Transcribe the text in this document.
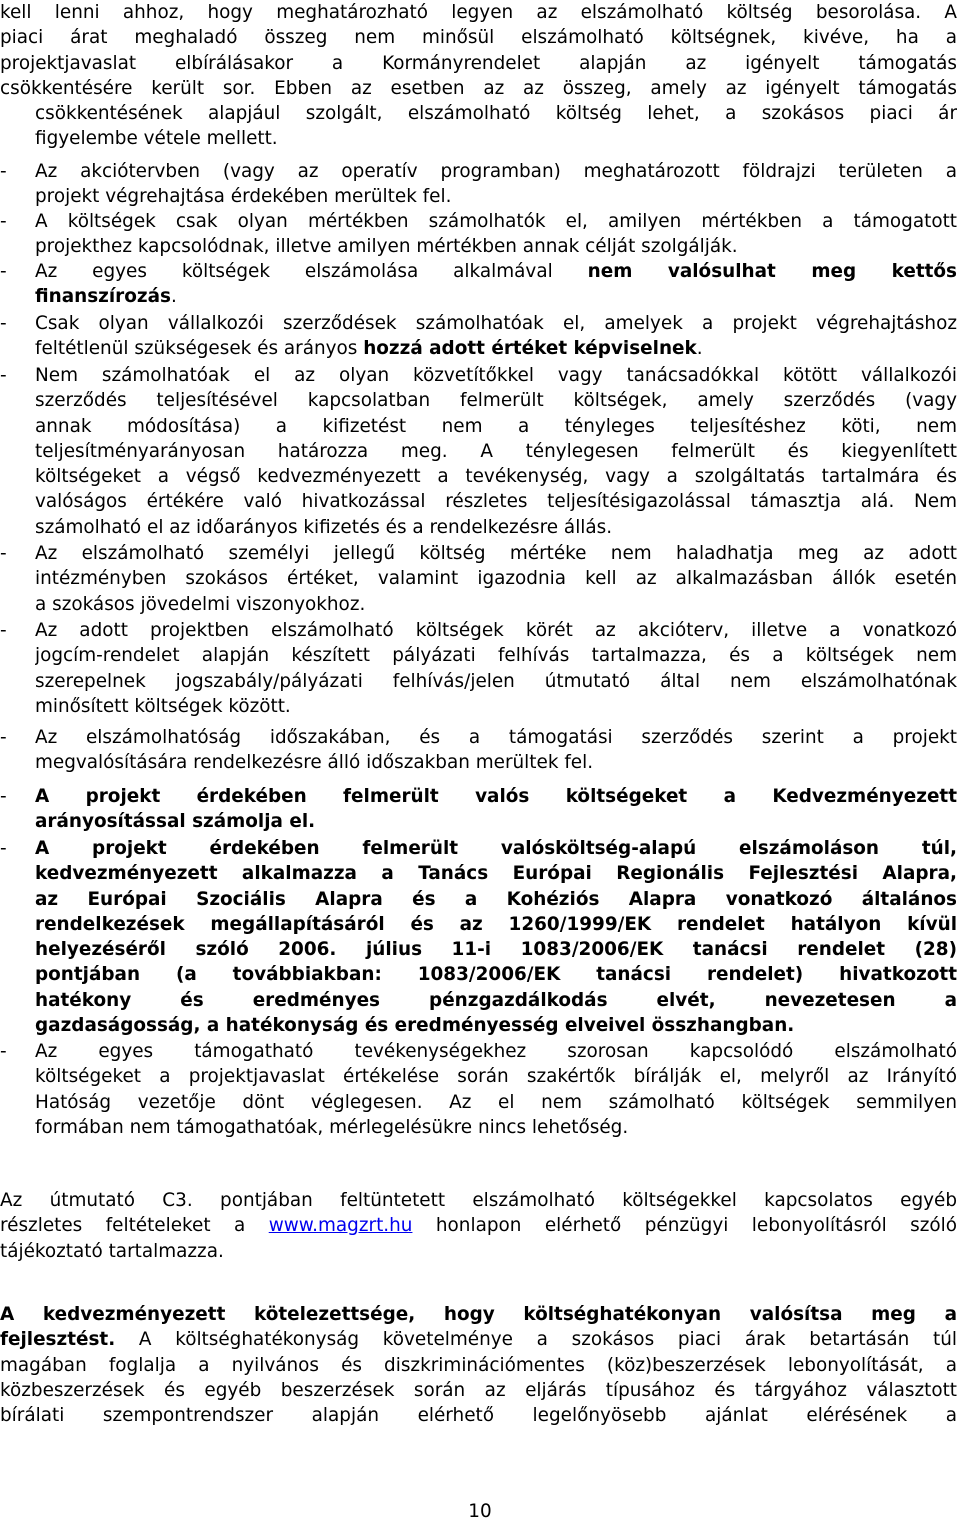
kell lenni ahhoz, hogy meghatározható legyen az elszámolható költség besorolása. A
piaci árat meghaladó összeg nem minősül elszámolható költségnek, kivéve, ha a
projektjavaslat elbírálásakor a Kormányrendelet alapján az igényelt támogatás
csökkentésére került sor. Ebben az esetben az az összeg, amely az igényelt támogatás
csökkentésének alapjául szolgált, elszámolható költség lehet, a szokásos piaci ár
figyelembe vétele mellett.
-	Az akciótervben (vagy az operatív programban) meghatározott földrajzi területen a
projekt végrehajtása érdekében merültek fel.
-	A költségek csak olyan mértékben számolhatók el, amilyen mértékben a támogatott
projekthez kapcsolódnak, illetve amilyen mértékben annak célját szolgálják.
-	Az egyes költségek elszámolása alkalmával nem valósulhat meg kettős
finanszírozás.
-	Csak olyan vállalkozói szerződések számolhatóak el, amelyek a projekt végrehajtáshoz
feltétlenül szükségesek és arányos hozzá adott értéket képviselnek.
-	Nem számolhatóak el az olyan közvetítőkkel vagy tanácsadókkal kötött vállalkozói
szerződés teljesítésével kapcsolatban felmerült költségek, amely szerződés (vagy
annak módosítása) a kifizetést nem a tényleges teljesítéshez köti, nem
teljesítményarányosan határozza meg. A ténylegesen felmerült és kiegyenlített
költségeket a végső kedvezményezett a tevékenység, vagy a szolgáltatás tartalmára és
valóságos értékére való hivatkozással részletes teljesítésigazolással támasztja alá. Nem
számolható el az időarányos kifizetés és a rendelkezésre állás.
-	Az elszámolható személyi jellegű költség mértéke nem haladhatja meg az adott
intézményben szokásos értéket, valamint igazodnia kell az alkalmazásban állók esetén
a szokásos jövedelmi viszonyokhoz.
-	Az adott projektben elszámolható költségek körét az akcióterv, illetve a vonatkozó
jogcím-rendelet alapján készített pályázati felhívás tartalmazza, és a költségek nem
szerepelnek jogszabály/pályázati felhívás/jelen útmutató által nem elszámolhatónak
minősített költségek között.
-	Az elszámolhatóság időszakában, és a támogatási szerződés szerint a projekt
megvalósítására rendelkezésre álló időszakban merültek fel.
-	A projekt érdekében felmerült valós költségeket a Kedvezményezett
arányosítással számolja el.
-	A projekt érdekében felmerült valósköltség-alapú elszámoláson túl,
kedvezményezett alkalmazza a Tanács Európai Regionális Fejlesztési Alapra,
az Európai Szociális Alapra és a Kohéziós Alapra vonatkozó általános
rendelkezések megállapításáról és az 1260/1999/EK rendelet hatályon kívül
helyezéséről szóló 2006. július 11-i 1083/2006/EK tanácsi rendelet (28)
pontjában (a továbbiakban: 1083/2006/EK tanácsi rendelet) hivatkozott
hatékony és eredményes pénzgazdálkodás elvét, nevezetesen a
gazdaságosság, a hatékonyság és eredményesség elveivel összhangban.
-	Az egyes támogatható tevékenységekhez szorosan kapcsolódó elszámolható
költségeket a projektjavaslat értékelése során szakértők bírálják el, melyről az Irányító
Hatóság vezetője dönt véglegesen. Az el nem számolható költségek semmilyen
formában nem támogathatóak, mérlegelésükre nincs lehetőség.
Az útmutató C3. pontjában feltüntetett elszámolható költségekkel kapcsolatos egyéb
részletes feltételeket a www.magzrt.hu honlapon elérhető pénzügyi lebonyolításról szóló
tájékoztató tartalmazza.
A kedvezményezett kötelezettsége, hogy költséghatékonyan valósítsa meg a
fejlesztést. A költséghatékonyság követelménye a szokásos piaci árak betartásán túl
magában foglalja a nyilvános és diszkriminációmentes (köz)beszerzések lebonyolítását, a
közbeszerzések és egyéb beszerzések során az eljárás típusához és tárgyához választott
bírálati szempontrendszer alapján elérhető legelőnyösebb ajánlat elérésének a
10
